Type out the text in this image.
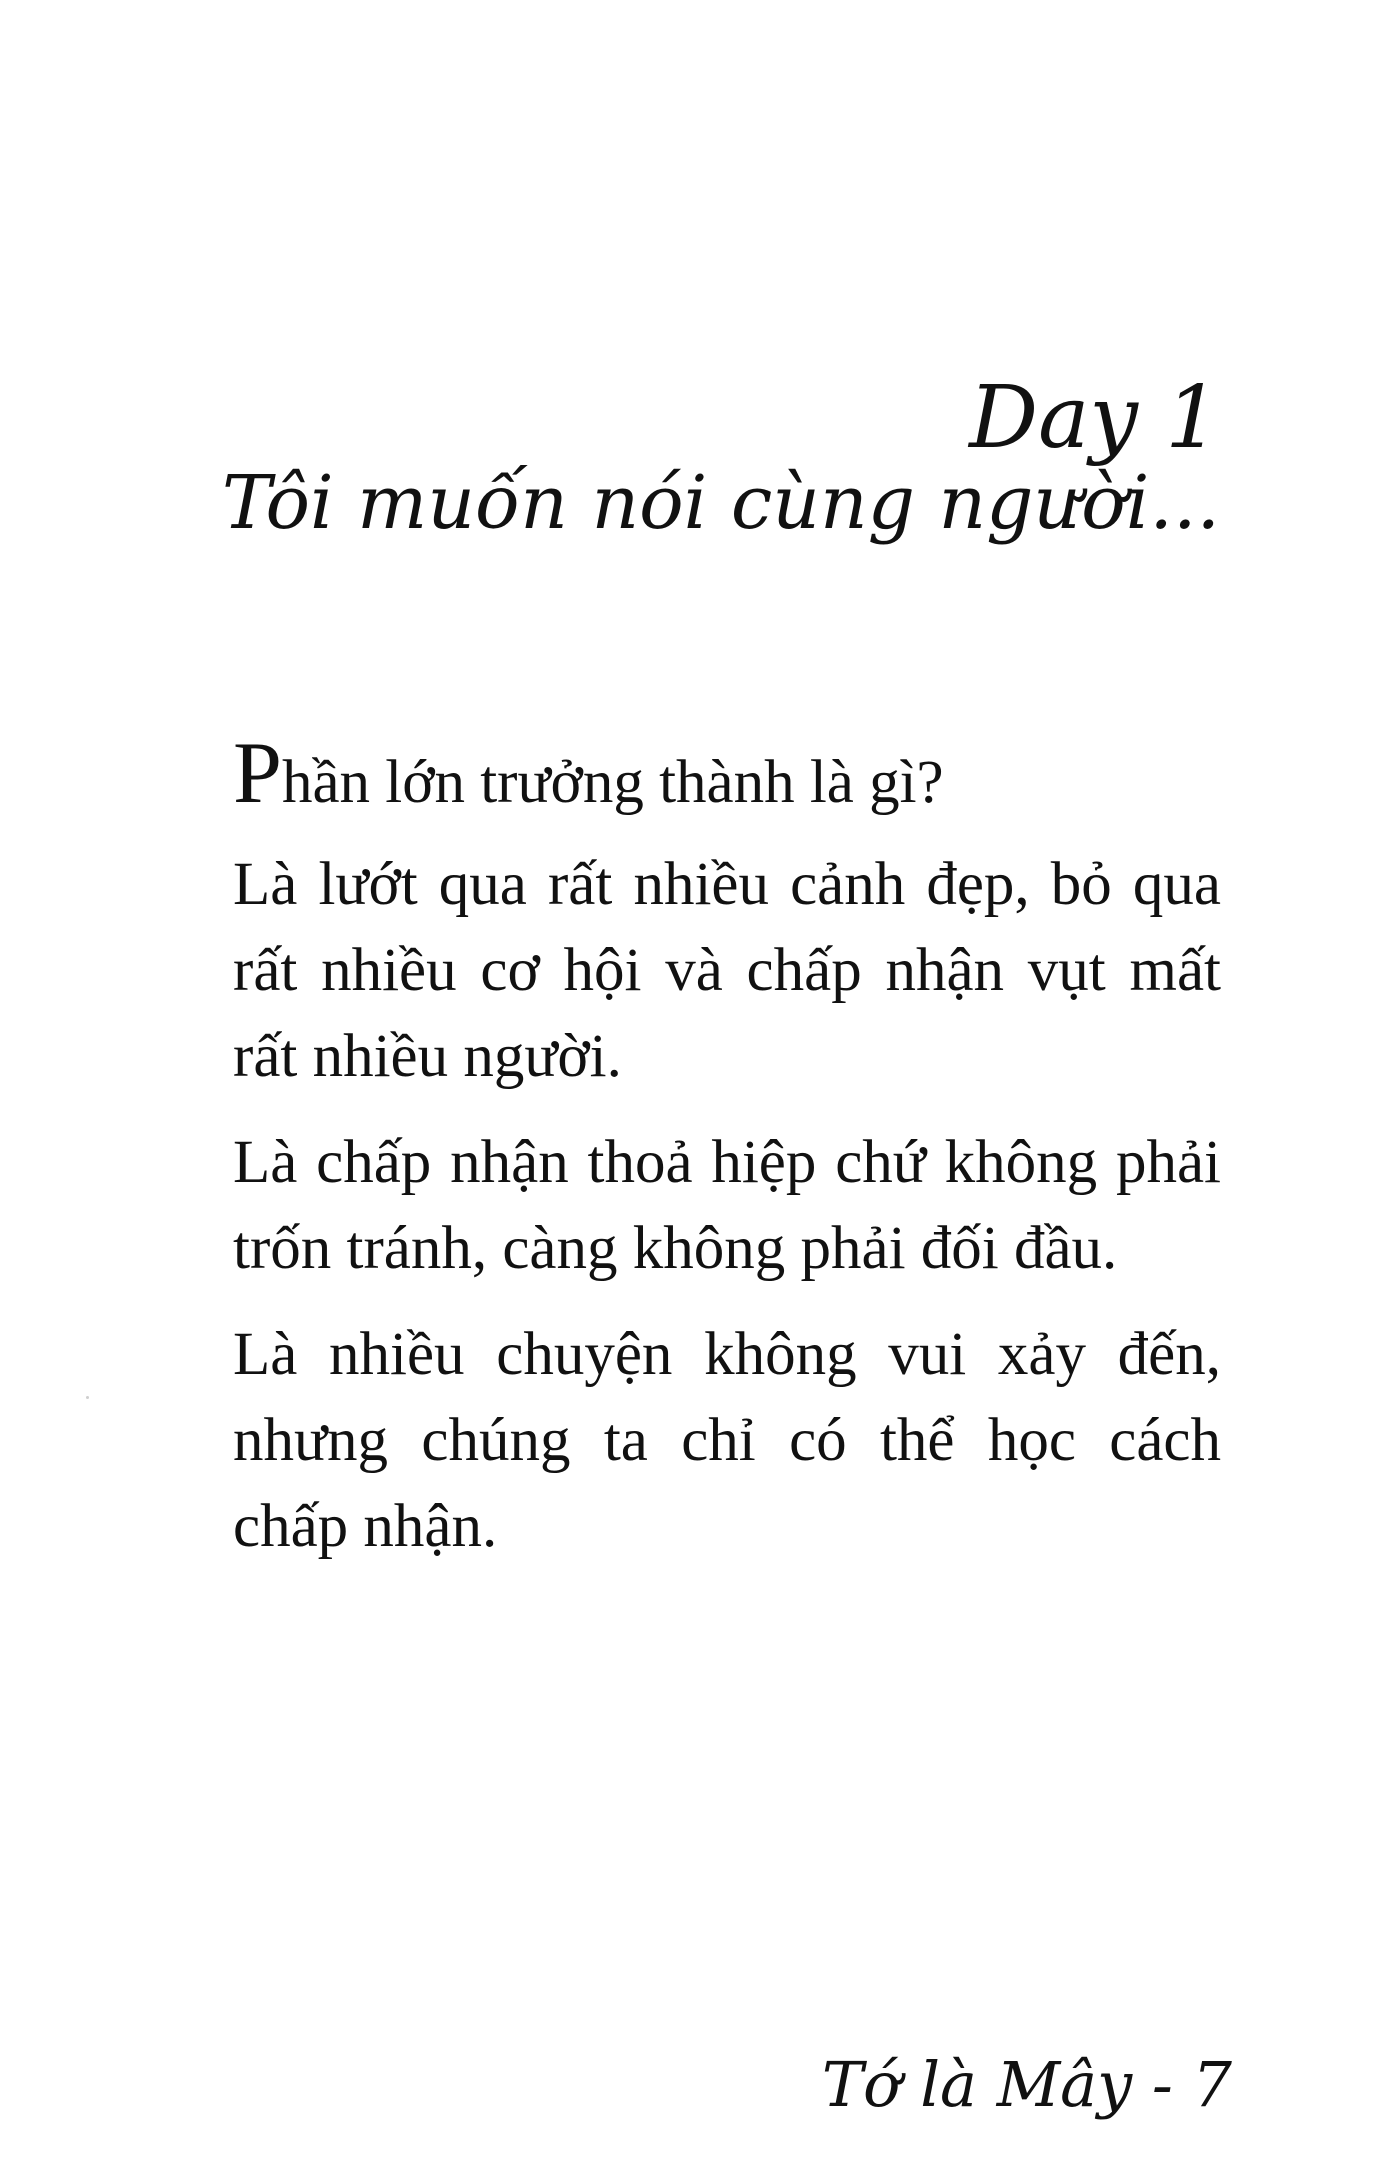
Day 1
Tôi muốn nói cùng người...

Phần lớn trưởng thành là gì?

Là lướt qua rất nhiều cảnh đẹp, bỏ qua rất nhiều cơ hội và chấp nhận vụt mất rất nhiều người.

Là chấp nhận thoả hiệp chứ không phải trốn tránh, càng không phải đối đầu.

Là nhiều chuyện không vui xảy đến, nhưng chúng ta chỉ có thể học cách chấp nhận.

Tớ là Mây - 7
